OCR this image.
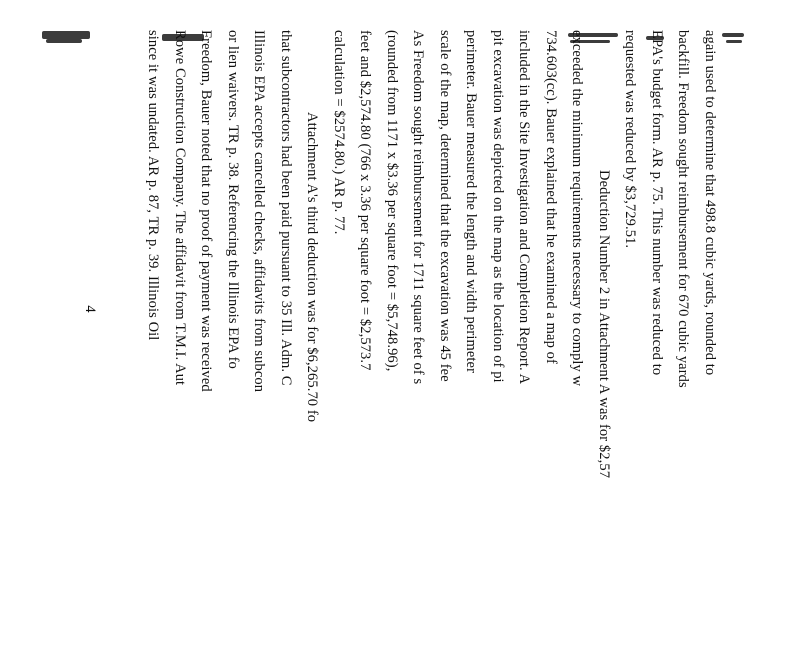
again used to determine that 498.8 cubic yards, rounded to
backfill. Freedom sought reimbursement for 670 cubic yards
EPA's budget form. AR p. 75. This number was reduced to
requested was reduced by $3,729.51.
Deduction Number 2 in Attachment A was for $2,57
exceeded the minimum requirements necessary to comply w
734.603(cc). Bauer explained that he examined a map of
included in the Site Investigation and Completion Report. A
pit excavation was depicted on the map as the location of pi
perimeter. Bauer measured the length and width perimeter
scale of the map, determined that the excavation was 45 fee
As Freedom sought reimbursement for 1711 square feet of s
(rounded from 1171 x $3.36 per square foot = $5,748.96),
feet and $2,574.80 (766 x 3.36 per square foot = $2,573.7
calculation = $2574.80.) AR p. 77.
Attachment A's third deduction was for $6,265.70 fo
that subcontractors had been paid pursuant to 35 Ill. Adm. C
Illinois EPA accepts cancelled checks, affidavits from subcon
or lien waivers. TR p. 38. Referencing the Illinois EPA fo
Freedom, Bauer noted that no proof of payment was received
Rowe Construction Company. The affidavit from T.M.I. Aut
since it was undated. AR p. 87, TR p. 39. Illinois Oil
4
